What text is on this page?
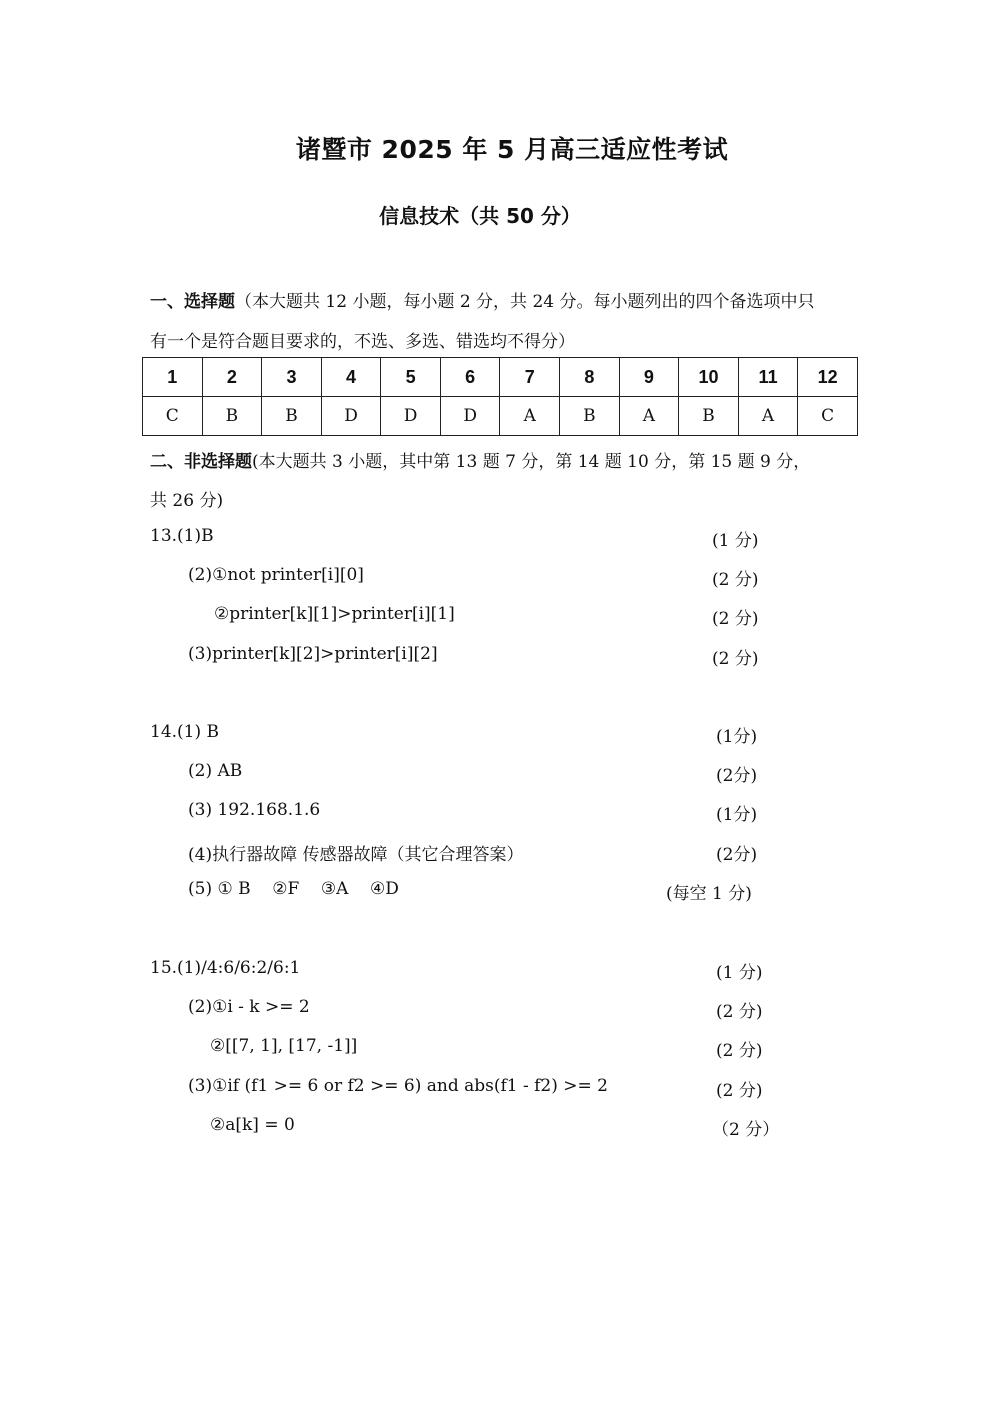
诸暨市 2025 年 5 月高三适应性考试
信息技术（共 50 分）
一、选择题（本大题共 12 小题，每小题 2 分，共 24 分。每小题列出的四个备选项中只
有一个是符合题目要求的，不选、多选、错选均不得分）
1	2	3	4	5	6	7	8	9	10	11	12
C	B	B	D	D	D	A	B	A	B	A	C
二、非选择题(本大题共 3 小题，其中第 13 题 7 分，第 14 题 10 分，第 15 题 9 分，
共 26 分)
13.(1)B	(1 分)
(2)①not printer[i][0]	(2 分)
②printer[k][1]>printer[i][1]	(2 分)
(3)printer[k][2]>printer[i][2]	(2 分)
14.(1) B	(1分)
(2) AB	(2分)
(3) 192.168.1.6	(1分)
(4)执行器故障 传感器故障（其它合理答案）	(2分)
(5) ① B    ②F    ③A    ④D	(每空 1 分)
15.(1)/4:6/6:2/6:1	(1 分)
(2)①i - k >= 2	(2 分)
②[[7, 1], [17, -1]]	(2 分)
(3)①if (f1 >= 6 or f2 >= 6) and abs(f1 - f2) >= 2	(2 分)
②a[k] = 0	（2 分）
